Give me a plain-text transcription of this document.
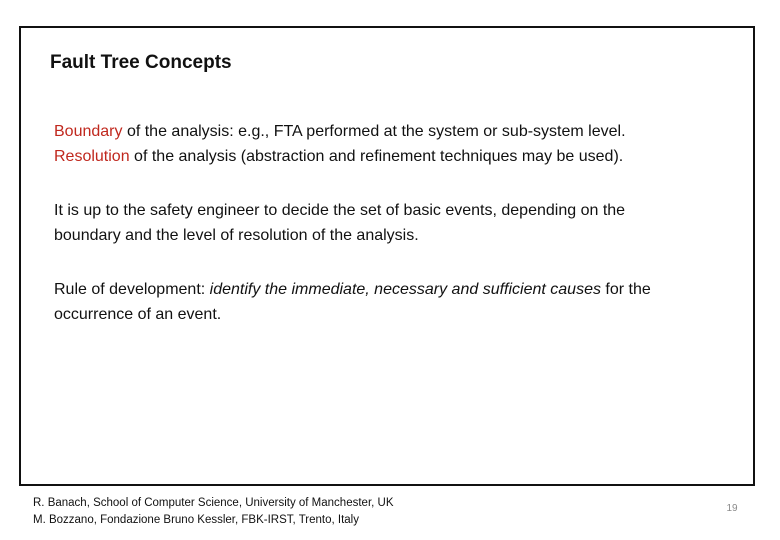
Fault Tree Concepts

Boundary of the analysis: e.g., FTA performed at the system or sub-system level.
Resolution of the analysis (abstraction and refinement techniques may be used).

It is up to the safety engineer to decide the set of basic events, depending on the
boundary and the level of resolution of the analysis.

Rule of development: identify the immediate, necessary and sufficient causes for the
occurrence of an event.

R. Banach, School of Computer Science, University of Manchester, UK
M. Bozzano, Fondazione Bruno Kessler, FBK-IRST, Trento, Italy
19
